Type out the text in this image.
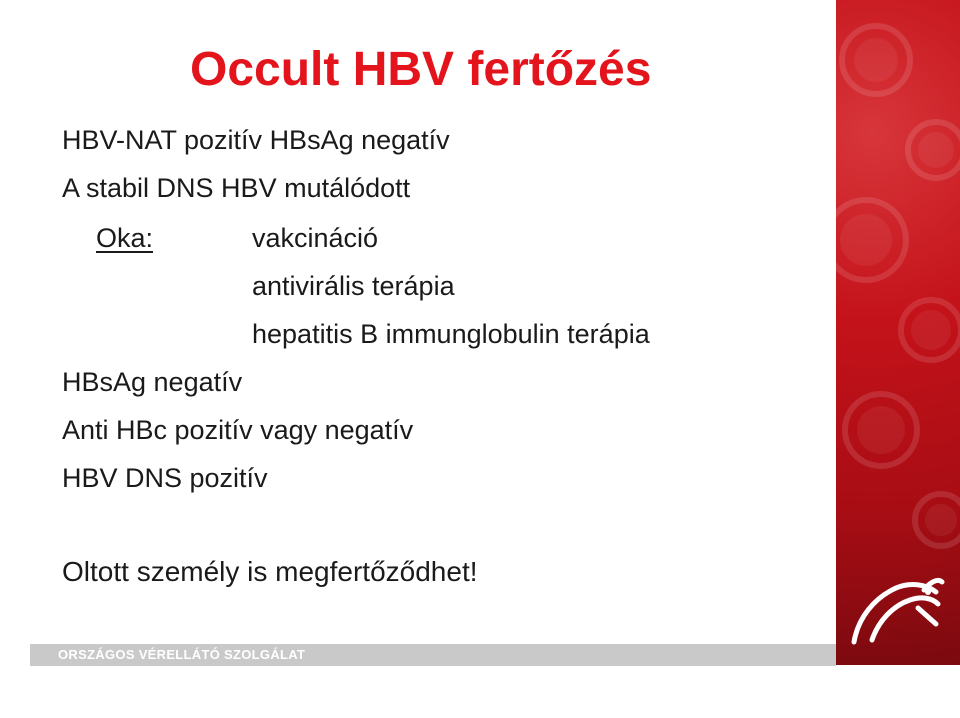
Occult HBV fertőzés

HBV-NAT pozitív HBsAg negatív

A stabil DNS HBV mutálódott

Oka:	vakcináció

antivirális terápia

hepatitis B immunglobulin terápia

HBsAg negatív

Anti HBc pozitív vagy negatív

HBV DNS pozitív

Oltott személy is megfertőződhet!

ORSZÁGOS VÉRELLÁTÓ SZOLGÁLAT
